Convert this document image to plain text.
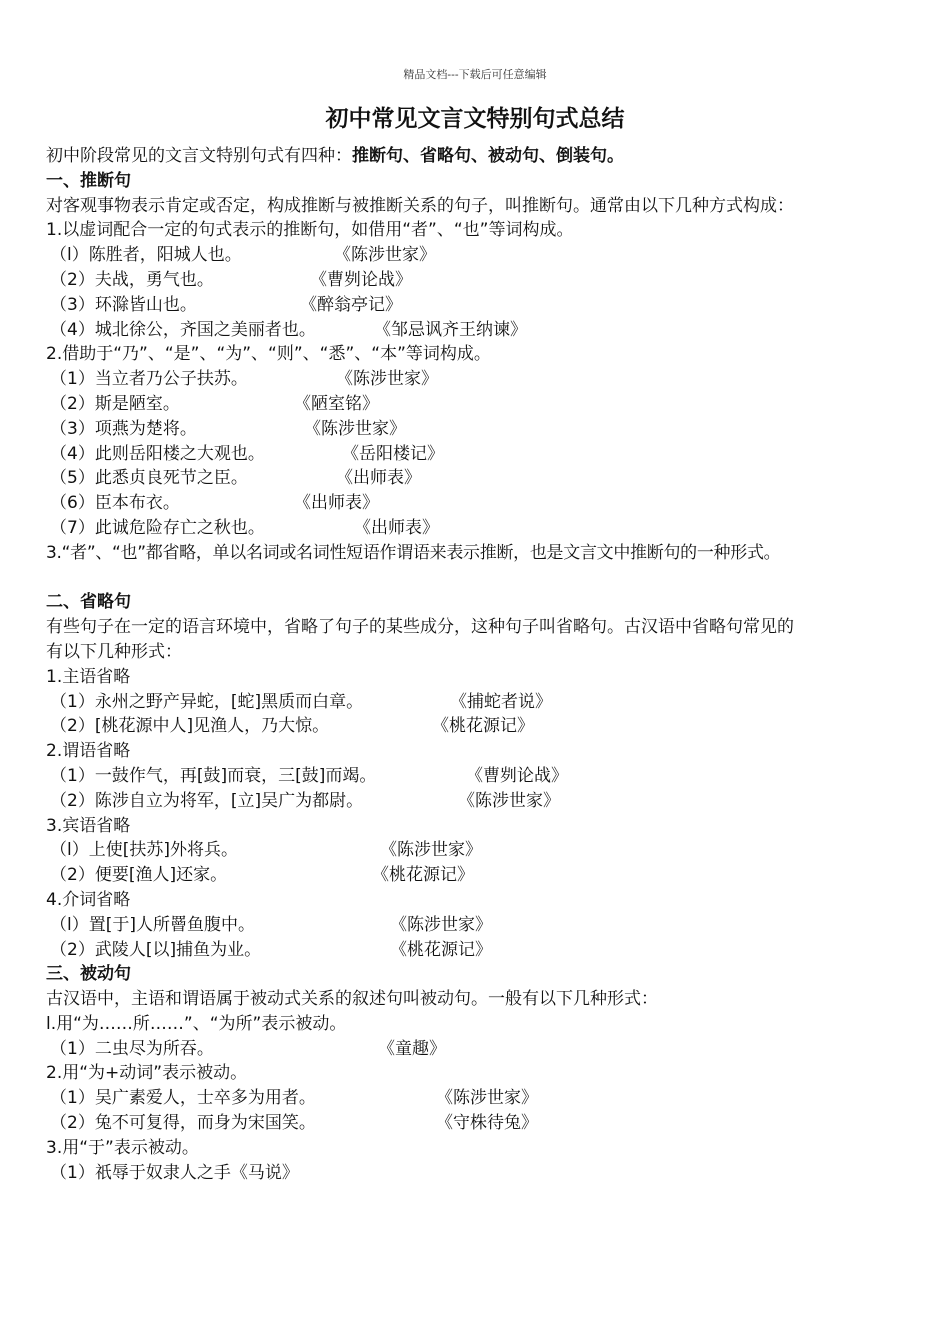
精品文档---下载后可任意编辑
初中常见文言文特别句式总结
初中阶段常见的文言文特别句式有四种：推断句、省略句、被动句、倒装句。
一、推断句
对客观事物表示肯定或否定，构成推断与被推断关系的句子，叫推断句。通常由以下几种方式构成：
1.以虚词配合一定的句式表示的推断句，如借用“者”、“也”等词构成。
（l）陈胜者，阳城人也。	《陈涉世家》
（2）夫战，勇气也。	《曹刿论战》
（3）环滁皆山也。	《醉翁亭记》
（4）城北徐公，齐国之美丽者也。	《邹忌讽齐王纳谏》
2.借助于“乃”、“是”、“为”、“则”、“悉”、“本”等词构成。
（1）当立者乃公子扶苏。	《陈涉世家》
（2）斯是陋室。	《陋室铭》
（3）项燕为楚将。	《陈涉世家》
（4）此则岳阳楼之大观也。	《岳阳楼记》
（5）此悉贞良死节之臣。	《出师表》
（6）臣本布衣。	《出师表》
（7）此诚危险存亡之秋也。	《出师表》
3.“者”、“也”都省略，单以名词或名词性短语作谓语来表示推断，也是文言文中推断句的一种形式。
二、省略句
有些句子在一定的语言环境中，省略了句子的某些成分，这种句子叫省略句。古汉语中省略句常见的
有以下几种形式：
1.主语省略
（1）永州之野产异蛇，[蛇]黑质而白章。	《捕蛇者说》
（2）[桃花源中人]见渔人，乃大惊。	《桃花源记》
2.谓语省略
（1）一鼓作气，再[鼓]而衰，三[鼓]而竭。	《曹刿论战》
（2）陈涉自立为将军，[立]吴广为都尉。	《陈涉世家》
3.宾语省略
（l）上使[扶苏]外将兵。	《陈涉世家》
（2）便要[渔人]还家。	《桃花源记》
4.介词省略
（l）置[于]人所罾鱼腹中。	《陈涉世家》
（2）武陵人[以]捕鱼为业。	《桃花源记》
三、被动句
古汉语中，主语和谓语属于被动式关系的叙述句叫被动句。一般有以下几种形式：
l.用“为……所……”、“为所”表示被动。
（1）二虫尽为所吞。	《童趣》
2.用“为+动词”表示被动。
（1）吴广素爱人，士卒多为用者。	《陈涉世家》
（2）兔不可复得，而身为宋国笑。	《守株待兔》
3.用“于”表示被动。
（1）祇辱于奴隶人之手《马说》
